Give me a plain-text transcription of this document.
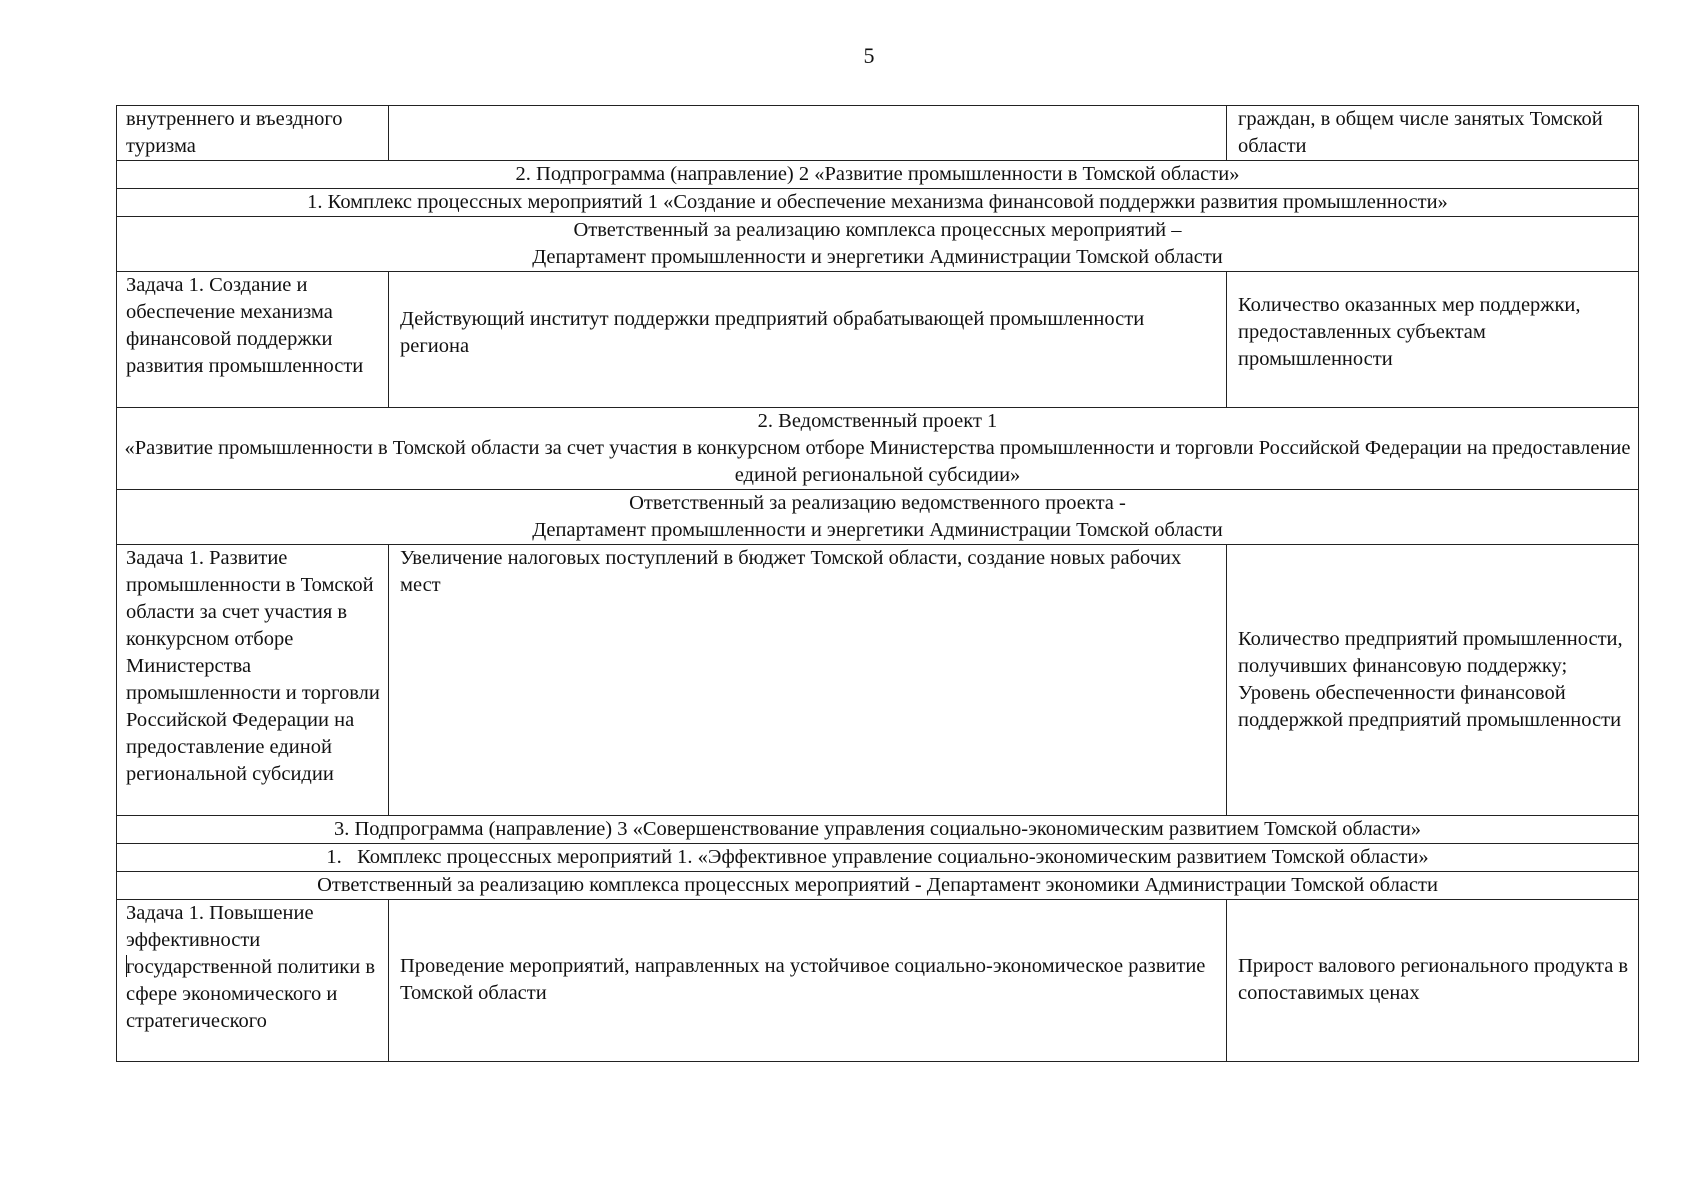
5
внутреннего и въездного туризма		граждан, в общем числе занятых Томской области
2. Подпрограмма (направление) 2 «Развитие промышленности в Томской области»		
1. Комплекс процессных мероприятий 1 «Создание и обеспечение механизма финансовой поддержки развития промышленности»		

Ответственный за реализацию комплекса процессных мероприятий –
Департамент промышленности и энергетики Администрации Томской области		

Задача 1. Создание и обеспечение механизма финансовой поддержки развития промышленности	Действующий институт поддержки предприятий обрабатывающей промышленности региона	Количество оказанных мер поддержки, предоставленных субъектам промышленности

2. Ведомственный проект 1
«Развитие промышленности в Томской области за счет участия в конкурсном отборе Министерства промышленности и торговли Российской Федерации на предоставление единой региональной субсидии»		

Ответственный за реализацию ведомственного проекта -
Департамент промышленности и энергетики Администрации Томской области		

Задача 1. Развитие промышленности в Томской области за счет участия в конкурсном отборе Министерства промышленности и торговли Российской Федерации на предоставление единой региональной субсидии	Увеличение налоговых поступлений в бюджет Томской области, создание новых рабочих мест	Количество предприятий промышленности, получивших финансовую поддержку;
Уровень обеспеченности финансовой поддержкой предприятий промышленности

3. Подпрограмма (направление) 3 «Совершенствование управления социально-экономическим развитием Томской области»		
1.   Комплекс процессных мероприятий 1. «Эффективное управление социально-экономическим развитием Томской области»		
Ответственный за реализацию комплекса процессных мероприятий - Департамент экономики Администрации Томской области		

Задача 1. Повышение эффективности
государственной политики в сфере экономического и стратегического	Проведение мероприятий, направленных на устойчивое социально-экономическое развитие Томской области	Прирост валового регионального продукта в сопоставимых ценах
